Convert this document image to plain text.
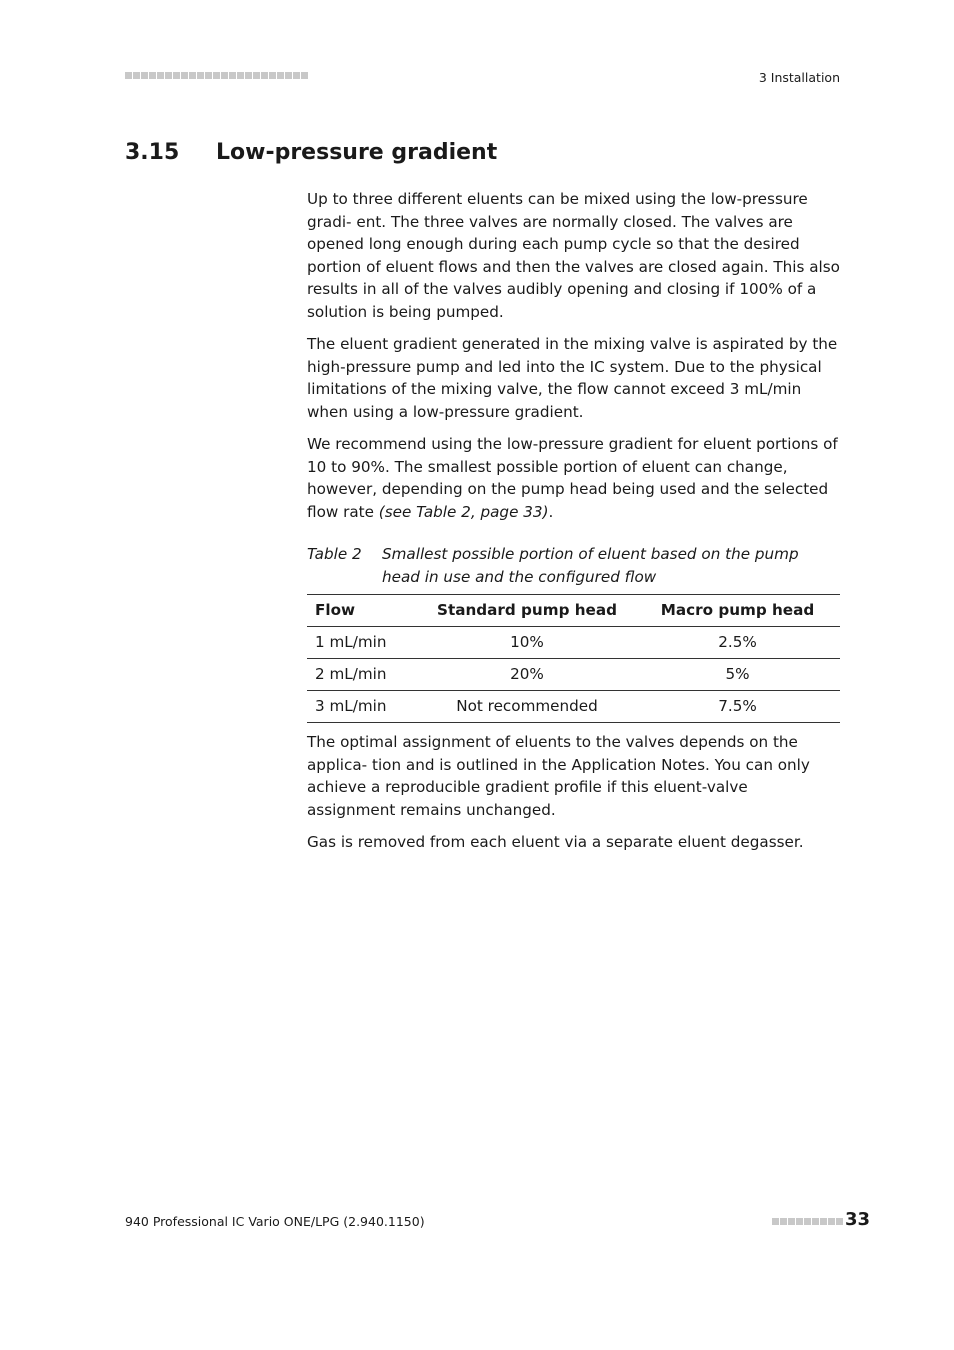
3 Installation
3.15 Low-pressure gradient

Up to three different eluents can be mixed using the low-pressure gradi- ent. The three valves are normally closed. The valves are opened long enough during each pump cycle so that the desired portion of eluent flows and then the valves are closed again. This also results in all of the valves audibly opening and closing if 100% of a solution is being pumped.

The eluent gradient generated in the mixing valve is aspirated by the high-pressure pump and led into the IC system. Due to the physical limitations of the mixing valve, the flow cannot exceed 3 mL/min when using a low-pressure gradient.

We recommend using the low-pressure gradient for eluent portions of 10 to 90%. The smallest possible portion of eluent can change, however, depending on the pump head being used and the selected flow rate (see Table 2, page 33).

Table 2	Smallest possible portion of eluent based on the pump head in use and the configured flow
Flow	Standard pump head	Macro pump head
1 mL/min	10%	2.5%
2 mL/min	20%	5%
3 mL/min	Not recommended	7.5%

The optimal assignment of eluents to the valves depends on the applica- tion and is outlined in the Application Notes. You can only achieve a reproducible gradient profile if this eluent-valve assignment remains unchanged.

Gas is removed from each eluent via a separate eluent degasser.

940 Professional IC Vario ONE/LPG (2.940.1150)	33
